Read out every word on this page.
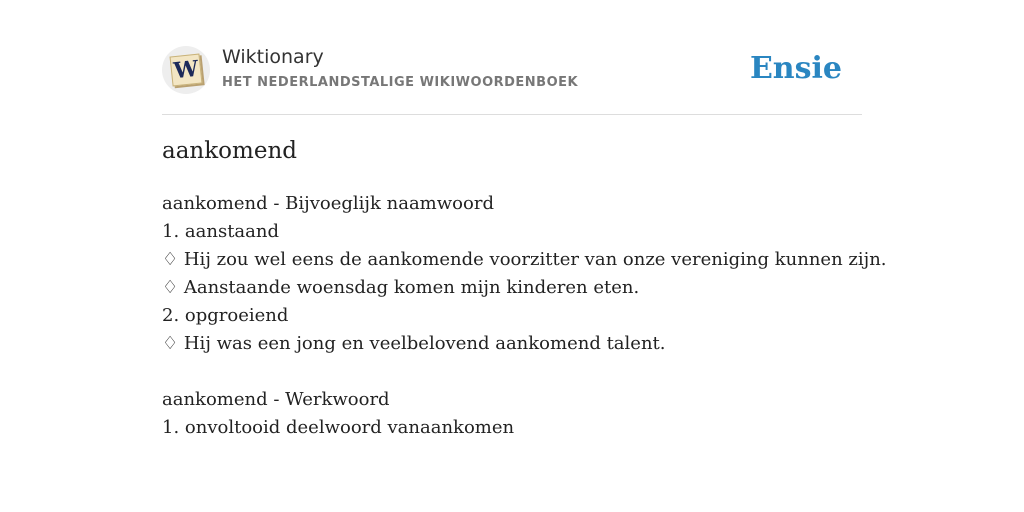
W Wiktionary
HET NEDERLANDSTALIGE WIKIWOORDENBOEK	Ensie
aankomend
aankomend - Bijvoeglijk naamwoord
1. aanstaand
♢ Hij zou wel eens de aankomende voorzitter van onze vereniging kunnen zijn.
♢ Aanstaande woensdag komen mijn kinderen eten.
2. opgroeiend
♢ Hij was een jong en veelbelovend aankomend talent.
aankomend - Werkwoord
1. onvoltooid deelwoord vanaankomen
